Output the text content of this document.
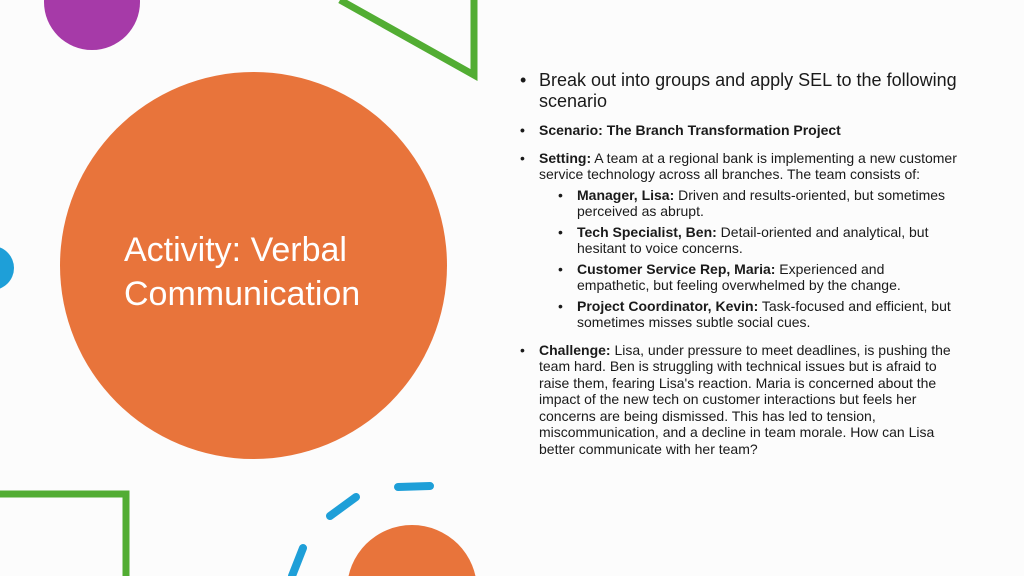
Activity: Verbal Communication
• Break out into groups and apply SEL to the following scenario
• Scenario: The Branch Transformation Project
• Setting: A team at a regional bank is implementing a new customer service technology across all branches. The team consists of:
• Manager, Lisa: Driven and results-oriented, but sometimes perceived as abrupt.
• Tech Specialist, Ben: Detail-oriented and analytical, but hesitant to voice concerns.
• Customer Service Rep, Maria: Experienced and empathetic, but feeling overwhelmed by the change.
• Project Coordinator, Kevin: Task-focused and efficient, but sometimes misses subtle social cues.
• Challenge: Lisa, under pressure to meet deadlines, is pushing the team hard. Ben is struggling with technical issues but is afraid to raise them, fearing Lisa's reaction. Maria is concerned about the impact of the new tech on customer interactions but feels her concerns are being dismissed. This has led to tension, miscommunication, and a decline in team morale. How can Lisa better communicate with her team?
